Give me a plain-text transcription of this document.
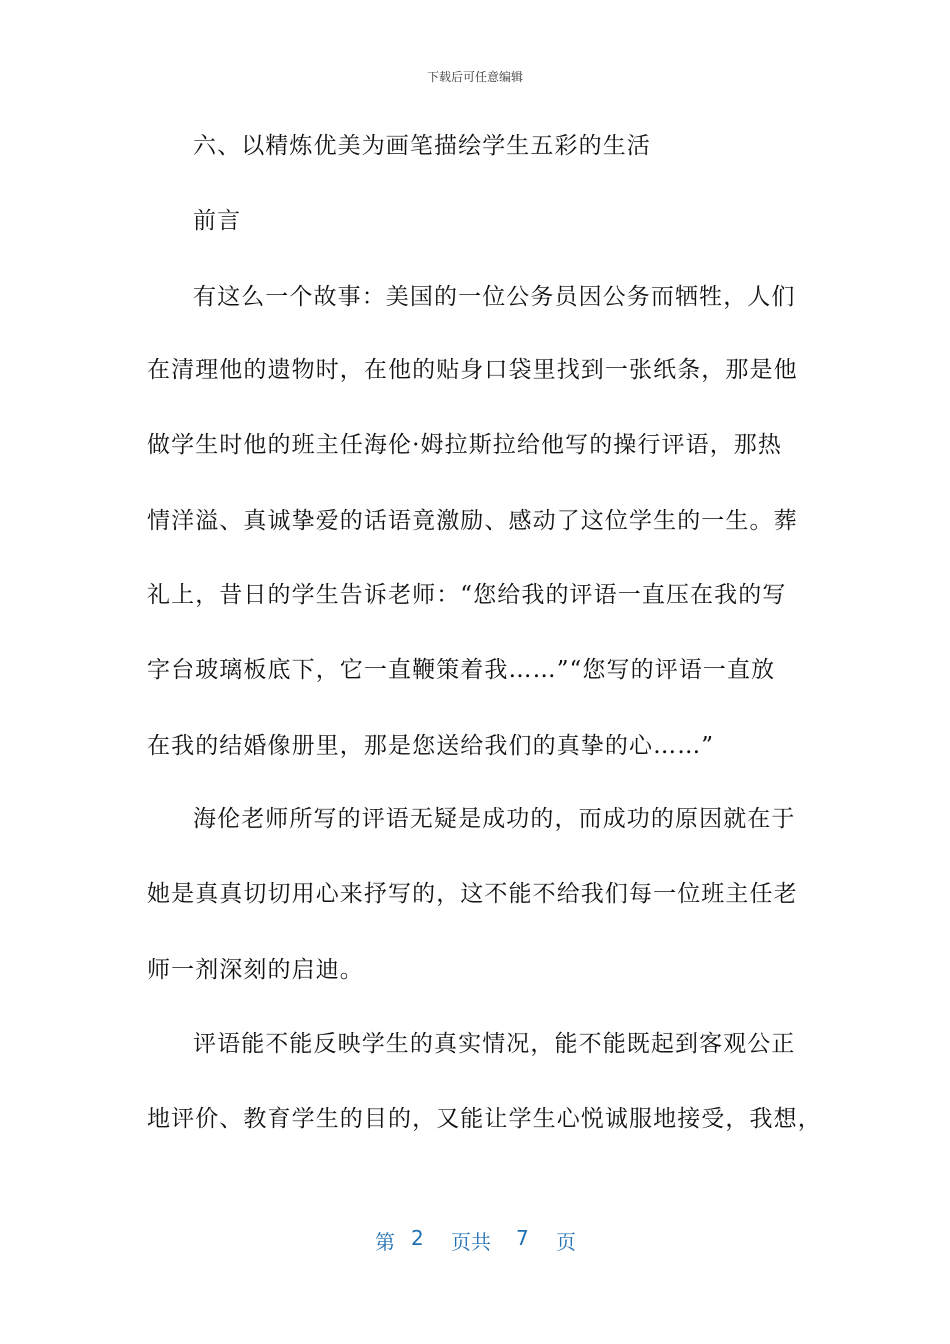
下载后可任意编辑
六、以精炼优美为画笔描绘学生五彩的生活
前言
有这么一个故事：美国的一位公务员因公务而牺牲，人们
在清理他的遗物时，在他的贴身口袋里找到一张纸条，那是他
做学生时他的班主任海伦·姆拉斯拉给他写的操行评语，那热
情洋溢、真诚挚爱的话语竟激励、感动了这位学生的一生。葬
礼上，昔日的学生告诉老师：“您给我的评语一直压在我的写
字台玻璃板底下，它一直鞭策着我……”“您写的评语一直放
在我的结婚像册里，那是您送给我们的真挚的心……”
海伦老师所写的评语无疑是成功的，而成功的原因就在于
她是真真切切用心来抒写的，这不能不给我们每一位班主任老
师一剂深刻的启迪。
评语能不能反映学生的真实情况，能不能既起到客观公正
地评价、教育学生的目的，又能让学生心悦诚服地接受，我想，
第 2 页共 7 页
